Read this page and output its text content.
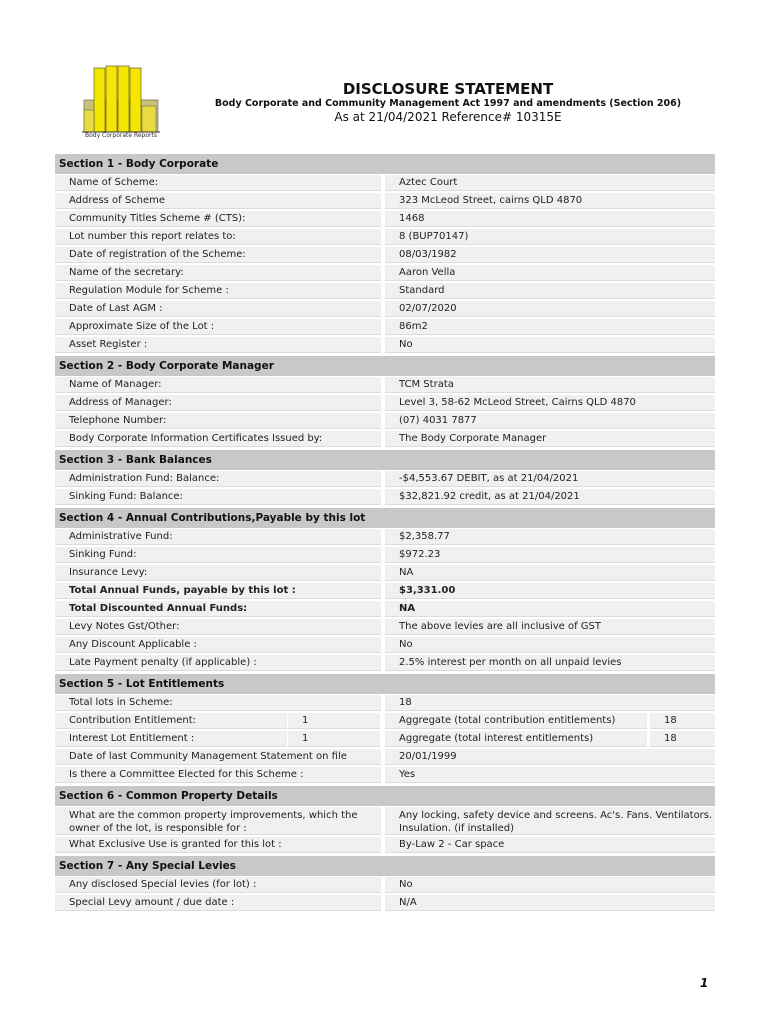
Body Corporate Reports
DISCLOSURE STATEMENT
Body Corporate and Community Management Act 1997 and amendments (Section 206)
As at 21/04/2021 Reference# 10315E
Section 1 - Body Corporate
Name of Scheme:	Aztec Court
Address of Scheme	323 McLeod Street, cairns QLD 4870
Community Titles Scheme # (CTS):	1468
Lot number this report relates to:	8 (BUP70147)
Date of registration of the Scheme:	08/03/1982
Name of the secretary:	Aaron Vella
Regulation Module for Scheme :	Standard
Date of Last AGM :	02/07/2020
Approximate Size of the Lot :	86m2
Asset Register :	No
Section 2 - Body Corporate Manager
Name of Manager:	TCM Strata
Address of Manager:	Level 3, 58-62 McLeod Street, Cairns QLD 4870
Telephone Number:	(07) 4031 7877
Body Corporate Information Certificates Issued by:	The Body Corporate Manager
Section 3 - Bank Balances
Administration Fund: Balance:	-$4,553.67 DEBIT, as at 21/04/2021
Sinking Fund: Balance:	$32,821.92 credit, as at 21/04/2021
Section 4 - Annual Contributions,Payable by this lot
Administrative Fund:	$2,358.77
Sinking Fund:	$972.23
Insurance Levy:	NA
Total Annual Funds, payable by this lot :	$3,331.00
Total Discounted Annual Funds:	NA
Levy Notes Gst/Other:	The above levies are all inclusive of GST
Any Discount Applicable :	No
Late Payment penalty (if applicable) :	2.5% interest per month on all unpaid levies
Section 5 - Lot Entitlements
Total lots in Scheme:	18
Contribution Entitlement:	1	Aggregate (total contribution entitlements)	18
Interest Lot Entitlement :	1	Aggregate (total interest entitlements)	18
Date of last Community Management Statement on file	20/01/1999
Is there a Committee Elected for this Scheme :	Yes
Section 6 - Common Property Details
What are the common property improvements, which the owner of the lot, is responsible for :
Any locking, safety device and screens. Ac's. Fans. Ventilators. Insulation. (if installed)
What Exclusive Use is granted for this lot :	By-Law 2 - Car space
Section 7 - Any Special Levies
Any disclosed Special levies (for lot) :	No
Special Levy amount / due date :	N/A
1
